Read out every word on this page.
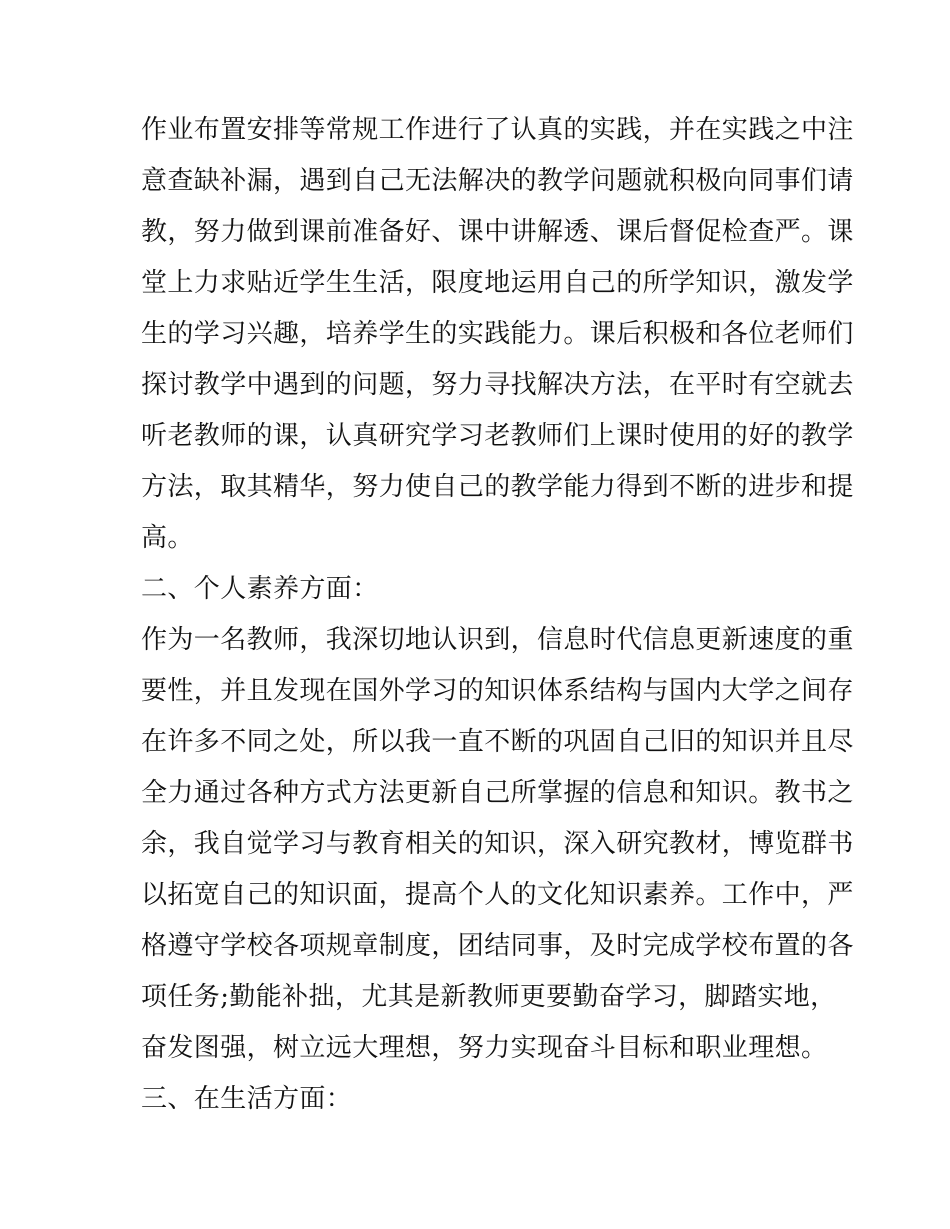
作业布置安排等常规工作进行了认真的实践，并在实践之中注
意查缺补漏，遇到自己无法解决的教学问题就积极向同事们请
教，努力做到课前准备好、课中讲解透、课后督促检查严。课
堂上力求贴近学生生活，限度地运用自己的所学知识，激发学
生的学习兴趣，培养学生的实践能力。课后积极和各位老师们
探讨教学中遇到的问题，努力寻找解决方法，在平时有空就去
听老教师的课，认真研究学习老教师们上课时使用的好的教学
方法，取其精华，努力使自己的教学能力得到不断的进步和提
高。
二、个人素养方面：
作为一名教师，我深切地认识到，信息时代信息更新速度的重
要性，并且发现在国外学习的知识体系结构与国内大学之间存
在许多不同之处，所以我一直不断的巩固自己旧的知识并且尽
全力通过各种方式方法更新自己所掌握的信息和知识。教书之
余，我自觉学习与教育相关的知识，深入研究教材，博览群书
以拓宽自己的知识面，提高个人的文化知识素养。工作中，严
格遵守学校各项规章制度，团结同事，及时完成学校布置的各
项任务;勤能补拙，尤其是新教师更要勤奋学习，脚踏实地，
奋发图强，树立远大理想，努力实现奋斗目标和职业理想。
三、在生活方面：
